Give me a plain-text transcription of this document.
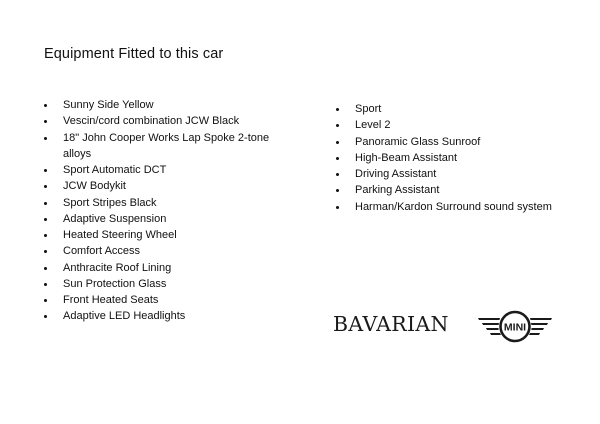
Equipment Fitted to this car
Sunny Side Yellow
Vescin/cord combination JCW Black
18" John Cooper Works Lap Spoke 2-tone alloys
Sport Automatic DCT
JCW Bodykit
Sport Stripes Black
Adaptive Suspension
Heated Steering Wheel
Comfort Access
Anthracite Roof Lining
Sun Protection Glass
Front Heated Seats
Adaptive LED Headlights
Sport
Level 2
Panoramic Glass Sunroof
High-Beam Assistant
Driving Assistant
Parking Assistant
Harman/Kardon Surround sound system
BAVARIAN	MINI
